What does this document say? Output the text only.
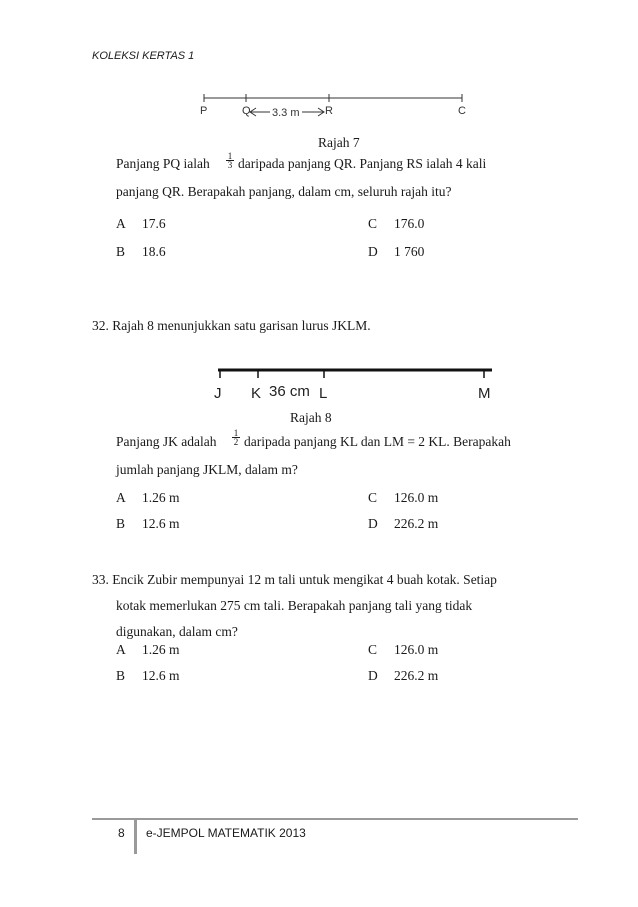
KOLEKSI KERTAS 1
P	Q	R	C
3.3 m
Rajah 7
Panjang PQ ialah 1
3 daripada panjang QR. Panjang RS ialah 4 kali
panjang QR. Berapakah panjang, dalam cm, seluruh rajah itu?
A 17.6	C 176.0
B 18.6	D 1 760
32. Rajah 8 menunjukkan satu garisan lurus JKLM.
J K 36 cm L	M
Rajah 8
Panjang JK adalah
1
2 daripada panjang KL dan LM = 2 KL. Berapakah
jumlah panjang JKLM, dalam m?
A 1.26 m	C 126.0 m
B 12.6 m	D 226.2 m
33. Encik Zubir mempunyai 12 m tali untuk mengikat 4 buah kotak. Setiap
kotak memerlukan 275 cm tali. Berapakah panjang tali yang tidak
digunakan, dalam cm?
A 1.26 m	C 126.0 m
B 12.6 m	D 226.2 m
8 e-JEMPOL MATEMATIK 2013
